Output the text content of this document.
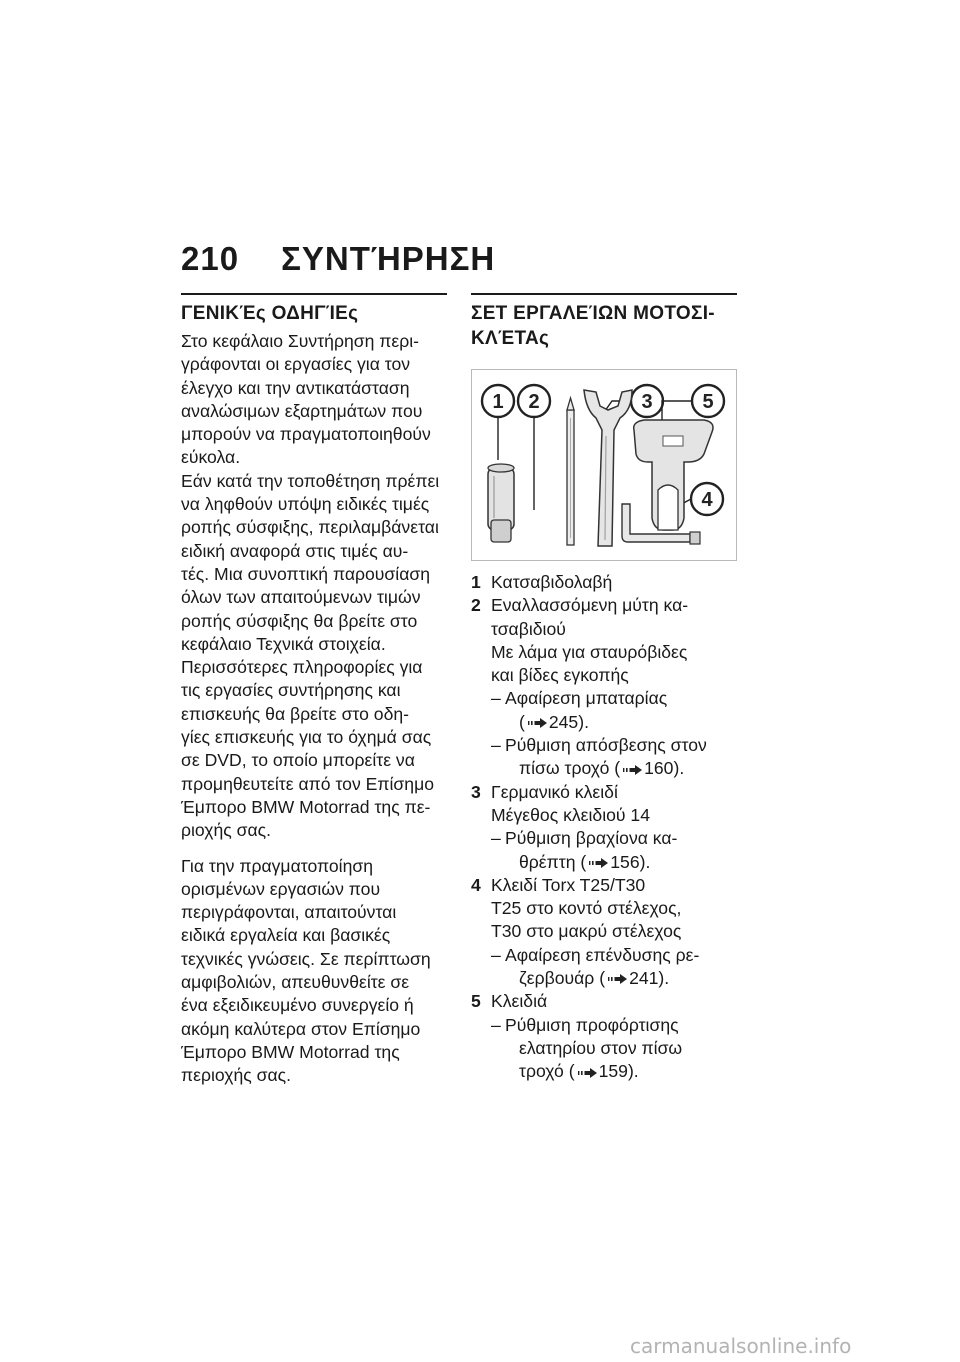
210 ΣΥΝΤΉΡΗΣΗ
ΓΕΝΙΚΈς ΟΔΗΓΊΕς

Στο κεφάλαιο Συντήρηση περι-
γράφονται οι εργασίες για τον
έλεγχο και την αντικατάσταση
αναλώσιμων εξαρτημάτων που
μπορούν να πραγματοποιηθούν
εύκολα.
Εάν κατά την τοποθέτηση πρέπει
να ληφθούν υπόψη ειδικές τιμές
ροπής σύσφιξης, περιλαμβάνεται
ειδική αναφορά στις τιμές αυ-
τές. Μια συνοπτική παρουσίαση
όλων των απαιτούμενων τιμών
ροπής σύσφιξης θα βρείτε στο
κεφάλαιο Τεχνικά στοιχεία.
Περισσότερες πληροφορίες για
τις εργασίες συντήρησης και
επισκευής θα βρείτε στο οδη-
γίες επισκευής για το όχημά σας
σε DVD, το οποίο μπορείτε να
προμηθευτείτε από τον Επίσημο
Έμπορο BMW Motorrad της πε-
ριοχής σας.

Για την πραγματοποίηση
ορισμένων εργασιών που
περιγράφονται, απαιτούνται
ειδικά εργαλεία και βασικές
τεχνικές γνώσεις. Σε περίπτωση
αμφιβολιών, απευθυνθείτε σε
ένα εξειδικευμένο συνεργείο ή
ακόμη καλύτερα στον Επίσημο
Έμπορο BMW Motorrad της
περιοχής σας.

ΣΕΤ ΕΡΓΑΛΕΊΩΝ ΜΟΤΟΣΙ-
ΚΛΈΤΑς
1 2	3 5
4
1 Κατσαβιδολαβή
2 Εναλλασσόμενη μύτη κα-
τσαβιδιού
Με λάμα για σταυρόβιδες
και βίδες εγκοπής
– Αφαίρεση μπαταρίας
( 245).
– Ρύθμιση απόσβεσης στον
πίσω τροχό ( 160).
3 Γερμανικό κλειδί
Μέγεθος κλειδιού 14
– Ρύθμιση βραχίονα κα-
θρέπτη ( 156).
4 Κλειδί Torx T25/T30
T25 στο κοντό στέλεχος,
T30 στο μακρύ στέλεχος
– Αφαίρεση επένδυσης ρε-
ζερβουάρ ( 241).
5 Κλειδιά
– Ρύθμιση προφόρτισης
ελατηρίου στον πίσω
τροχό ( 159).
carmanualsonline.info
